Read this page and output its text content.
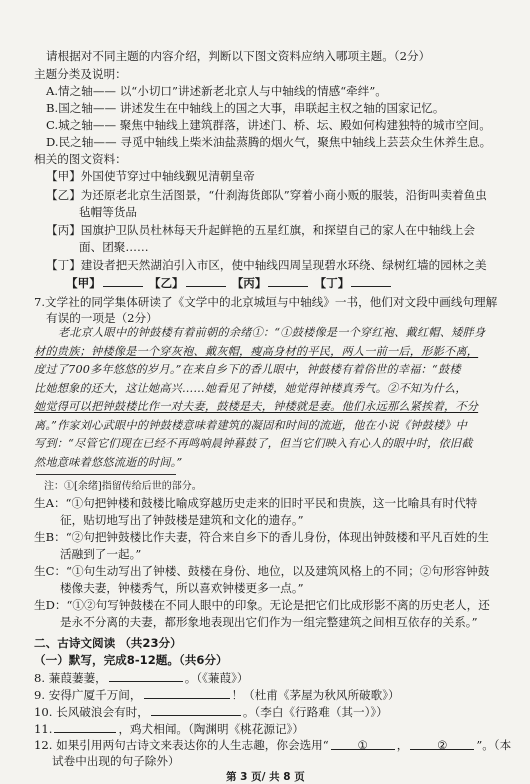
请根据对不同主题的内容介绍，判断以下图文资料应纳入哪项主题。（2分）
主题分类及说明：
A.情之轴—— 以“小切口”讲述新老北京人与中轴线的情感“牵绊”。
B.国之轴—— 讲述发生在中轴线上的国之大事，串联起主权之轴的国家记忆。
C.城之轴—— 聚焦中轴线上建筑群落，讲述门、桥、坛、殿如何构建独特的城市空间。
D.民之轴—— 寻觅中轴线上柴米油盐蒸腾的烟火气，聚焦中轴线上芸芸众生休养生息。
相关的图文资料：
【甲】外国使节穿过中轴线觐见清朝皇帝
【乙】为还原老北京生活图景，“什刹海货郎队”穿着小商小贩的服装，沿街叫卖着鱼虫
毡帽等货品
【丙】国旗护卫队员杜林每天升起鲜艳的五星红旗，和探望自己的家人在中轴线上会
面、团聚……
【丁】建设者把天然湖泊引入市区，使中轴线四周呈现碧水环绕、绿树红墙的园林之美
【甲】	【乙】	【丙】	【丁】
7.文学社的同学集体研读了《文学中的北京城垣与中轴线》一书，他们对文段中画线句理解
有误的一项是（2分）
老北京人眼中的钟鼓楼有着前朝的余绪①：“①鼓楼像是一个穿红袍、戴红帽、矮胖身
材的贵族；钟楼像是一个穿灰袍、戴灰帽，瘦高身材的平民，两人一前一后，形影不离，
度过了700多年悠悠的岁月。”在来自乡下的香儿眼中，钟鼓楼有着俗世的幸福：“鼓楼
比她想象的还大，这让她高兴……她看见了钟楼，她觉得钟楼真秀气。②不知为什么，
她觉得可以把钟鼓楼比作一对夫妻，鼓楼是夫，钟楼就是妻。他们永远那么紧挨着，不分
离。”作家刘心武眼中的钟鼓楼意味着建筑的凝固和时间的流逝，他在小说《钟鼓楼》中
写到：“尽管它们现在已经不再鸣响晨钟暮鼓了，但当它们映入有心人的眼中时，依旧截
然地意味着悠悠流逝的时间。”
注：①[余绪]指留传给后世的部分。
生A：“①句把钟楼和鼓楼比喻成穿越历史走来的旧时平民和贵族，这一比喻具有时代特
征，贴切地写出了钟鼓楼是建筑和文化的遗存。”
生B：“②句把钟鼓楼比作夫妻，符合来自乡下的香儿身份，体现出钟鼓楼和平凡百姓的生
活融到了一起。”
生C：“①句生动写出了钟楼、鼓楼在身份、地位，以及建筑风格上的不同；②句形容钟鼓
楼像夫妻，钟楼秀气，所以喜欢钟楼更多一点。”
生D：“①②句写钟鼓楼在不同人眼中的印象。无论是把它们比成形影不离的历史老人，还
是永不分离的夫妻，都形象地表现出它们作为一组完整建筑之间相互依存的关系。”
二、古诗文阅读 （共23分）
（一）默写，完成8-12题。（共6分）
8. 蒹葭萋萋，	。（《蒹葭》）
9. 安得广厦千万间，	！（杜甫《茅屋为秋风所破歌》）
10. 长风破浪会有时，	。（李白《行路难（其一）》）
11.	，鸡犬相闻。（陶渊明《桃花源记》）
12. 如果引用两句古诗文来表达你的人生志趣，你会选用“ ① ， ② ”。（本
试卷中出现的句子除外）
第 3 页/ 共 8 页
